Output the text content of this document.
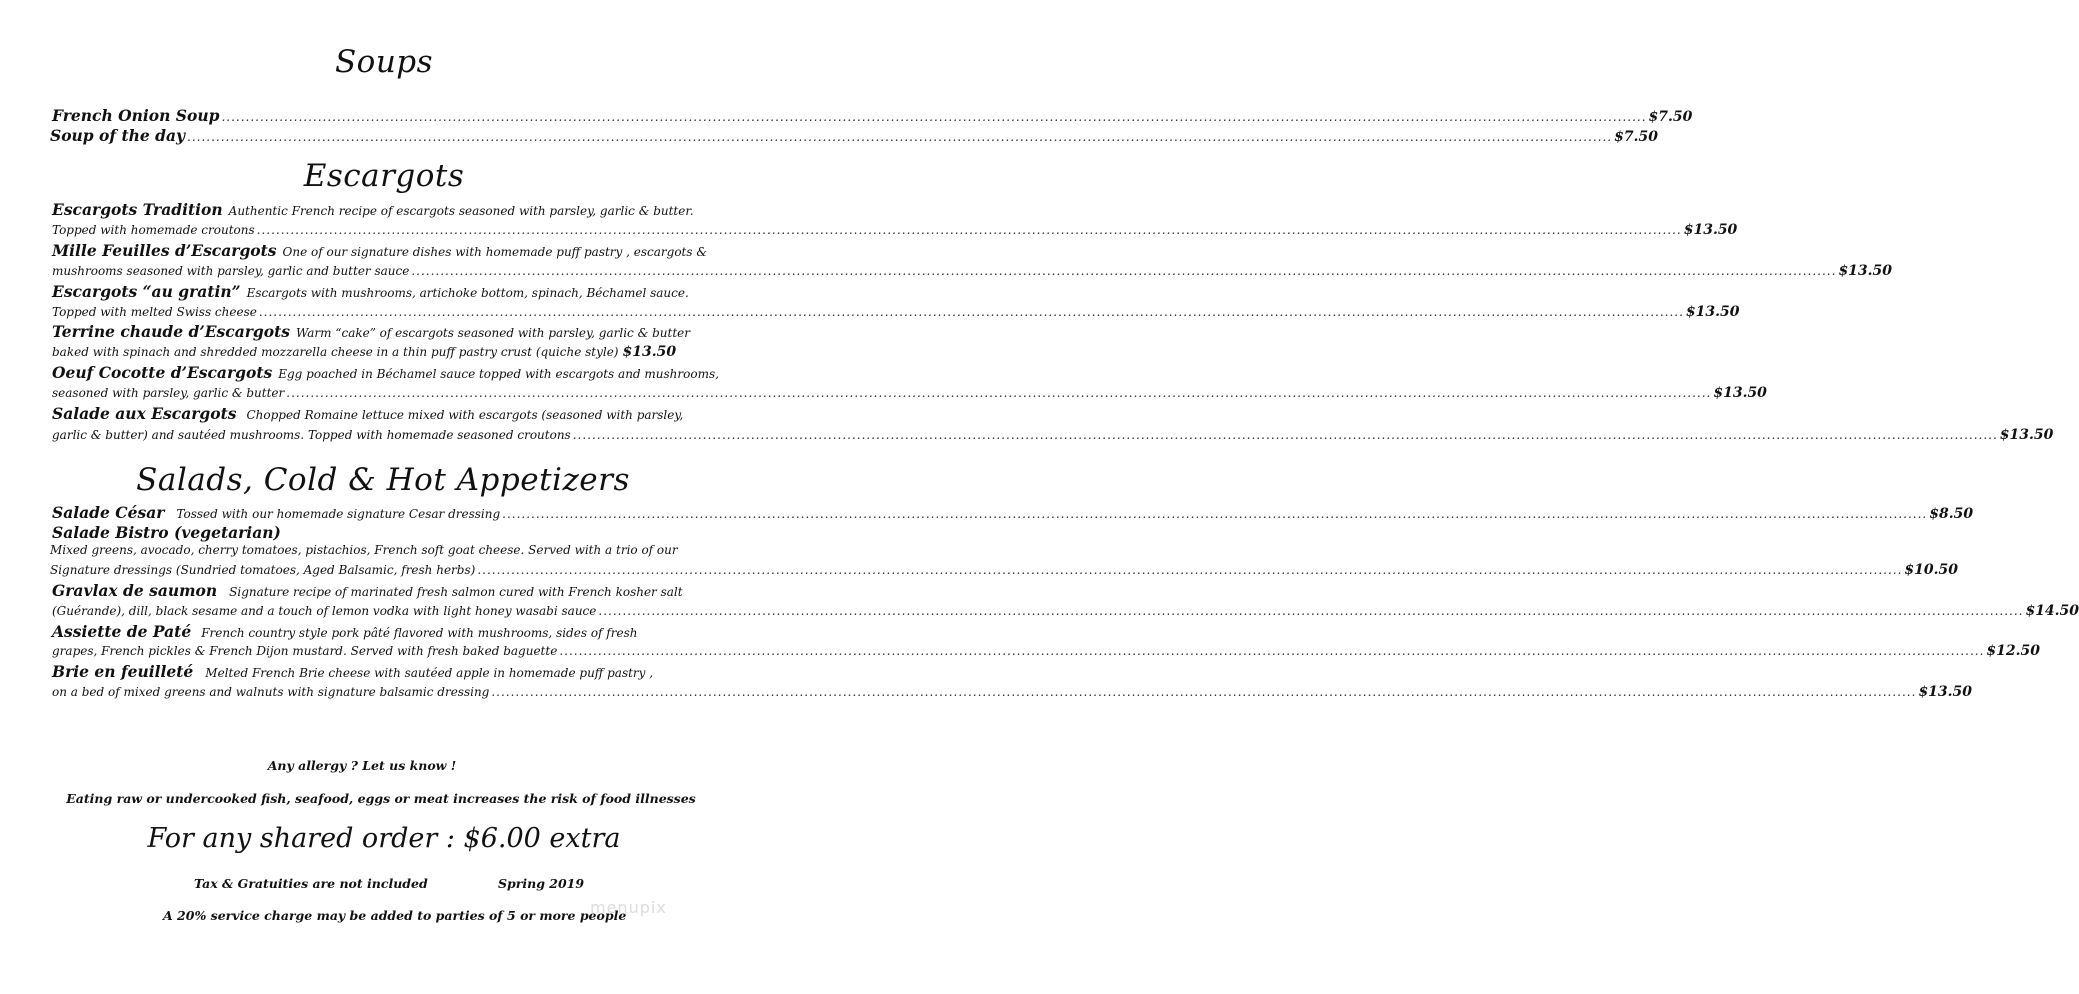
Soups
French Onion Soup .....	$7.50
Soup of the day .....	$7.50
Escargots
Escargots Tradition Authentic French recipe of escargots seasoned with parsley, garlic & butter.
Topped with homemade croutons .....	$13.50
Mille Feuilles d’Escargots One of our signature dishes with homemade puff pastry , escargots &
mushrooms seasoned with parsley, garlic and butter sauce .....	$13.50
Escargots “au gratin” Escargots with mushrooms, artichoke bottom, spinach, Béchamel sauce.
Topped with melted Swiss cheese .....	$13.50
Terrine chaude d’Escargots Warm “cake” of escargots seasoned with parsley, garlic & butter
baked with spinach and shredded mozzarella cheese in a thin puff pastry crust (quiche style) $13.50
Oeuf Cocotte d’Escargots Egg poached in Béchamel sauce topped with escargots and mushrooms,
seasoned with parsley, garlic & butter .....	$13.50
Salade aux Escargots Chopped Romaine lettuce mixed with escargots (seasoned with parsley,
garlic & butter) and sautéed mushrooms. Topped with homemade seasoned croutons .....	$13.50
Salads, Cold & Hot Appetizers
Salade César Tossed with our homemade signature Cesar dressing .....	$8.50
Salade Bistro (vegetarian)
Mixed greens, avocado, cherry tomatoes, pistachios, French soft goat cheese. Served with a trio of our
Signature dressings (Sundried tomatoes, Aged Balsamic, fresh herbs) .....	$10.50
Gravlax de saumon Signature recipe of marinated fresh salmon cured with French kosher salt
(Guérande), dill, black sesame and a touch of lemon vodka with light honey wasabi sauce .....	$14.50
Assiette de Paté French country style pork pâté flavored with mushrooms, sides of fresh
grapes, French pickles & French Dijon mustard. Served with fresh baked baguette .....	$12.50
Brie en feuilleté Melted French Brie cheese with sautéed apple in homemade puff pastry ,
on a bed of mixed greens and walnuts with signature balsamic dressing .....	$13.50
Any allergy ? Let us know !
Eating raw or undercooked fish, seafood, eggs or meat increases the risk of food illnesses
For any shared order : $6.00 extra
Tax & Gratuities are not included	Spring 2019
A 20% service charge may be added to parties of 5 or more people
menupix
